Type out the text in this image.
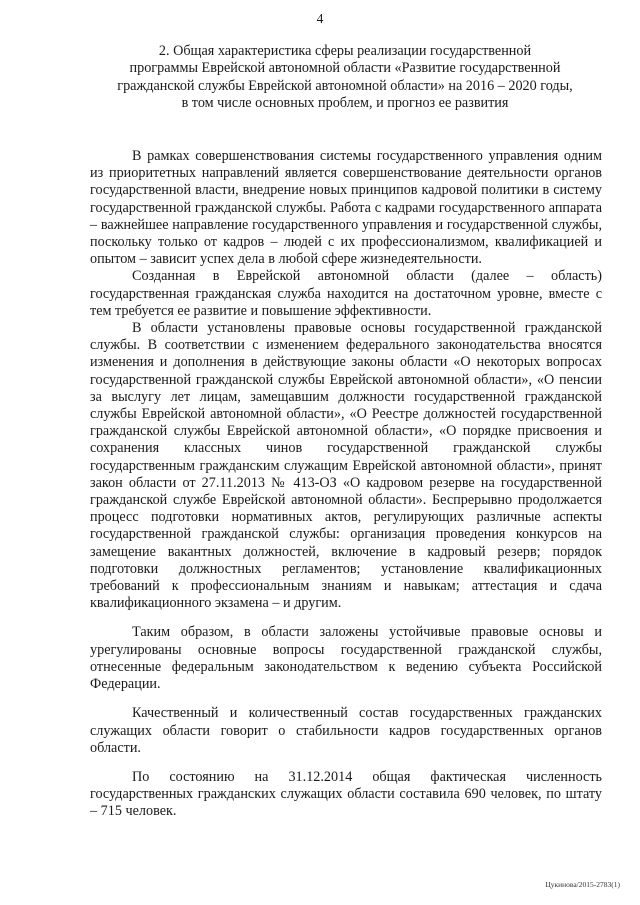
4
2. Общая характеристика сферы реализации государственной
программы Еврейской автономной области «Развитие государственной
гражданской службы Еврейской автономной области» на 2016 – 2020 годы,
в том числе основных проблем, и прогноз ее развития

В рамках совершенствования системы государственного управления одним из приоритетных направлений является совершенствование деятельности органов государственной власти, внедрение новых принципов кадровой политики в систему государственной гражданской службы. Работа с кадрами государственного аппарата – важнейшее направление государственного управления и государственной службы, поскольку только от кадров – людей с их профессионализмом, квалификацией и опытом – зависит успех дела в любой сфере жизнедеятельности.

Созданная в Еврейской автономной области (далее – область) государственная гражданская служба находится на достаточном уровне, вместе с тем требуется ее развитие и повышение эффективности.

В области установлены правовые основы государственной гражданской службы. В соответствии с изменением федерального законодательства вносятся изменения и дополнения в действующие законы области «О некоторых вопросах государственной гражданской службы Еврейской автономной области», «О пенсии за выслугу лет лицам, замещавшим должности государственной гражданской службы Еврейской автономной области», «О Реестре должностей государственной гражданской службы Еврейской автономной области», «О порядке присвоения и сохранения классных чинов государственной гражданской службы государственным гражданским служащим Еврейской автономной области», принят закон области от 27.11.2013 № 413-ОЗ «О кадровом резерве на государственной гражданской службе Еврейской автономной области». Беспрерывно продолжается процесс подготовки нормативных актов, регулирующих различные аспекты государственной гражданской службы: организация проведения конкурсов на замещение вакантных должностей, включение в кадровый резерв; порядок подготовки должностных регламентов; установление квалификационных требований к профессиональным знаниям и навыкам; аттестация и сдача квалификационного экзамена – и другим.

Таким образом, в области заложены устойчивые правовые основы и урегулированы основные вопросы государственной гражданской службы, отнесенные федеральным законодательством к ведению субъекта Российской Федерации.

Качественный и количественный состав государственных гражданских служащих области говорит о стабильности кадров государственных органов области.

По состоянию на 31.12.2014 общая фактическая численность государственных гражданских служащих области составила 690 человек, по штату – 715 человек.

Цукинова/2015-2783(1)
